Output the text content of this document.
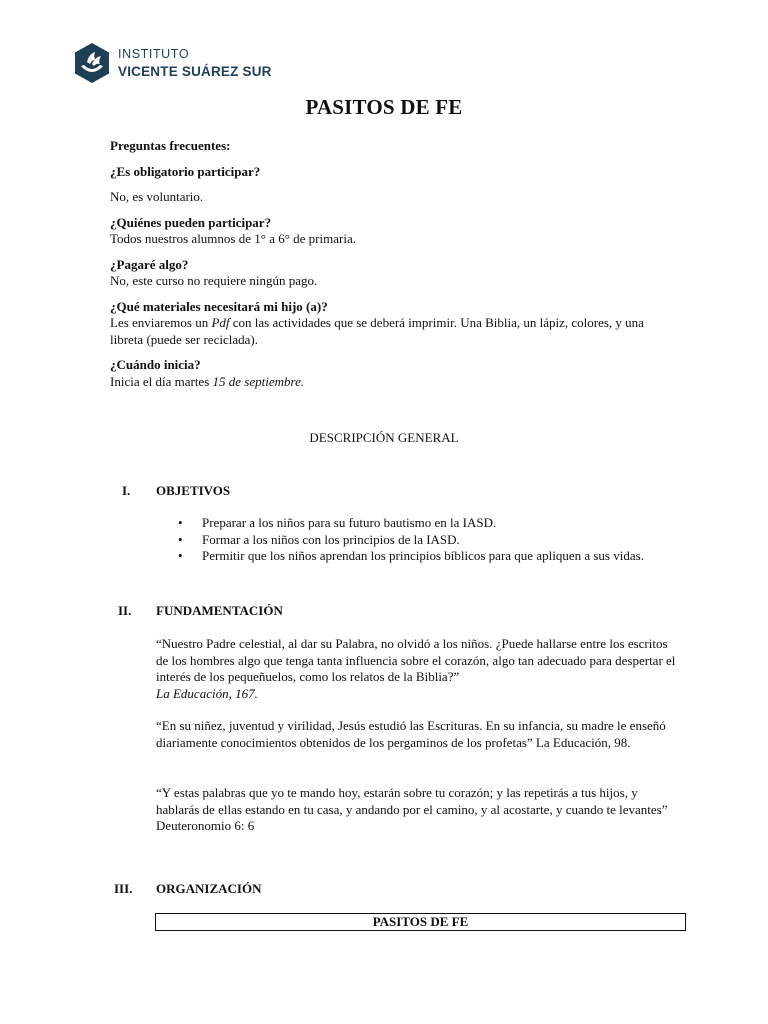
INSTITUTO
VICENTE SUÁREZ SUR
PASITOS DE FE
Preguntas frecuentes:
¿Es obligatorio participar?
No, es voluntario.
¿Quiénes pueden participar?
Todos nuestros alumnos de 1° a 6° de primaria.
¿Pagaré algo?
No, este curso no requiere ningún pago.
¿Qué materiales necesitará mi hijo (a)?
Les enviaremos un Pdf con las actividades que se deberá imprimir. Una Biblia, un lápiz, colores, y una libreta (puede ser reciclada).
¿Cuándo inicia?
Inicia el día martes 15 de septiembre.
DESCRIPCIÓN GENERAL
I. OBJETIVOS
• Preparar a los niños para su futuro bautismo en la IASD.
• Formar a los niños con los principios de la IASD.
• Permitir que los niños aprendan los principios bíblicos para que apliquen a sus vidas.
II. FUNDAMENTACIÓN
“Nuestro Padre celestial, al dar su Palabra, no olvidó a los niños. ¿Puede hallarse entre los escritos de los hombres algo que tenga tanta influencia sobre el corazón, algo tan adecuado para despertar el interés de los pequeñuelos, como los relatos de la Biblia?”
La Educación, 167.
“En su niñez, juventud y virilidad, Jesús estudió las Escrituras. En su infancia, su madre le enseñó diariamente conocimientos obtenidos de los pergaminos de los profetas” La Educación, 98.
“Y estas palabras que yo te mando hoy, estarán sobre tu corazón; y las repetirás a tus hijos, y hablarás de ellas estando en tu casa, y andando por el camino, y al acostarte, y cuando te levantes” Deuteronomio 6: 6
III. ORGANIZACIÓN
PASITOS DE FE
